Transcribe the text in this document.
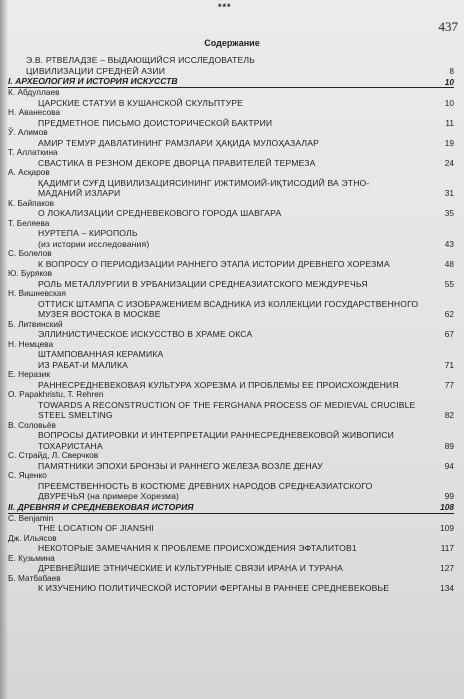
***
437
Содержание
Э.В. РТВЕЛАДЗЕ – ВЫДАЮЩИЙСЯ ИССЛЕДОВАТЕЛЬ
ЦИВИЛИЗАЦИИ СРЕДНЕЙ АЗИИ	8
I. АРХЕОЛОГИЯ И ИСТОРИЯ ИСКУССТВ	10
К. Абдуллаев
ЦАРСКИЕ СТАТУИ В КУШАНСКОЙ СКУЛЬПТУРЕ	10
Н. Аванесова
ПРЕДМЕТНОЕ ПИСЬМО ДОИСТОРИЧЕСКОЙ БАКТРИИ	11
Ў. Алимов
АМИР ТЕМУР ДАВЛАТИНИНГ РАМЗЛАРИ ҲАҚИДА МУЛОҲАЗАЛАР	19
Т. Аллаткина
СВАСТИКА В РЕЗНОМ ДЕКОРЕ ДВОРЦА ПРАВИТЕЛЕЙ ТЕРМЕЗА	24
А. Асқаров
ҚАДИМГИ СУҒД ЦИВИЛИЗАЦИЯСИНИНГ ИЖТИМОИЙ-ИҚТИСОДИЙ ВА ЭТНО-
МАДАНИЙ ИЗЛАРИ	31
К. Байпаков
О ЛОКАЛИЗАЦИИ СРЕДНЕВЕКОВОГО ГОРОДА ШАВГАРА	35
Т. Беляева
НУРТЕПА – КИРОПОЛЬ
(из истории исследования)	43
С. Болелов
К ВОПРОСУ О ПЕРИОДИЗАЦИИ РАННЕГО ЭТАПА ИСТОРИИ ДРЕВНЕГО ХОРЕЗМА	48
Ю. Буряков
РОЛЬ МЕТАЛЛУРГИИ В УРБАНИЗАЦИИ СРЕДНЕАЗИАТСКОГО МЕЖДУРЕЧЬЯ	55
Н. Вишневская
ОТТИСК ШТАМПА С ИЗОБРАЖЕНИЕМ ВСАДНИКА ИЗ КОЛЛЕКЦИИ ГОСУДАРСТВЕННОГО
МУЗЕЯ ВОСТОКА В МОСКВЕ	62
Б. Литвинский
ЭЛЛИНИСТИЧЕСКОЕ ИСКУССТВО В ХРАМЕ ОКСА	67
Н. Немцева
ШТАМПОВАННАЯ КЕРАМИКА
ИЗ РАБАТ-И МАЛИКА	71
Е. Неразик
РАННЕСРЕДНЕВЕКОВАЯ КУЛЬТУРА ХОРЕЗМА И ПРОБЛЕМЫ ЕЕ ПРОИСХОЖДЕНИЯ	77
О. Papakhristu, Т. Rehren
TOWARDS A RECONSTRUCTION OF THE FERGHANA PROCESS OF MEDIEVAL CRUCIBLE
STEEL SMELTING	82
В. Соловьёв
ВОПРОСЫ ДАТИРОВКИ И ИНТЕРПРЕТАЦИИ РАННЕСРЕДНЕВЕКОВОЙ ЖИВОПИСИ
ТОХАРИСТАНА	89
С. Страйд, Л. Сверчков
ПАМЯТНИКИ ЭПОХИ БРОНЗЫ И РАННЕГО ЖЕЛЕЗА ВОЗЛЕ ДЕНАУ	94
С. Яценко
ПРЕЕМСТВЕННОСТЬ В КОСТЮМЕ ДРЕВНИХ НАРОДОВ СРЕДНЕАЗИАТСКОГО
ДВУРЕЧЬЯ (на примере Хорезма)	99
II. ДРЕВНЯЯ И СРЕДНЕВЕКОВАЯ ИСТОРИЯ	108
С. Benjamin
THE LOCATION OF JIANSHI	109
Дж. Ильясов
НЕКОТОРЫЕ ЗАМЕЧАНИЯ К ПРОБЛЕМЕ ПРОИСХОЖДЕНИЯ ЭФТАЛИТОВ1	117
Е. Кузьмина
ДРЕВНЕЙШИЕ ЭТНИЧЕСКИЕ И КУЛЬТУРНЫЕ СВЯЗИ ИРАНА И ТУРАНА	127
Б. Матбабаев
К ИЗУЧЕНИЮ ПОЛИТИЧЕСКОЙ ИСТОРИИ ФЕРГАНЫ В РАННЕЕ СРЕДНЕВЕКОВЬЕ	134
